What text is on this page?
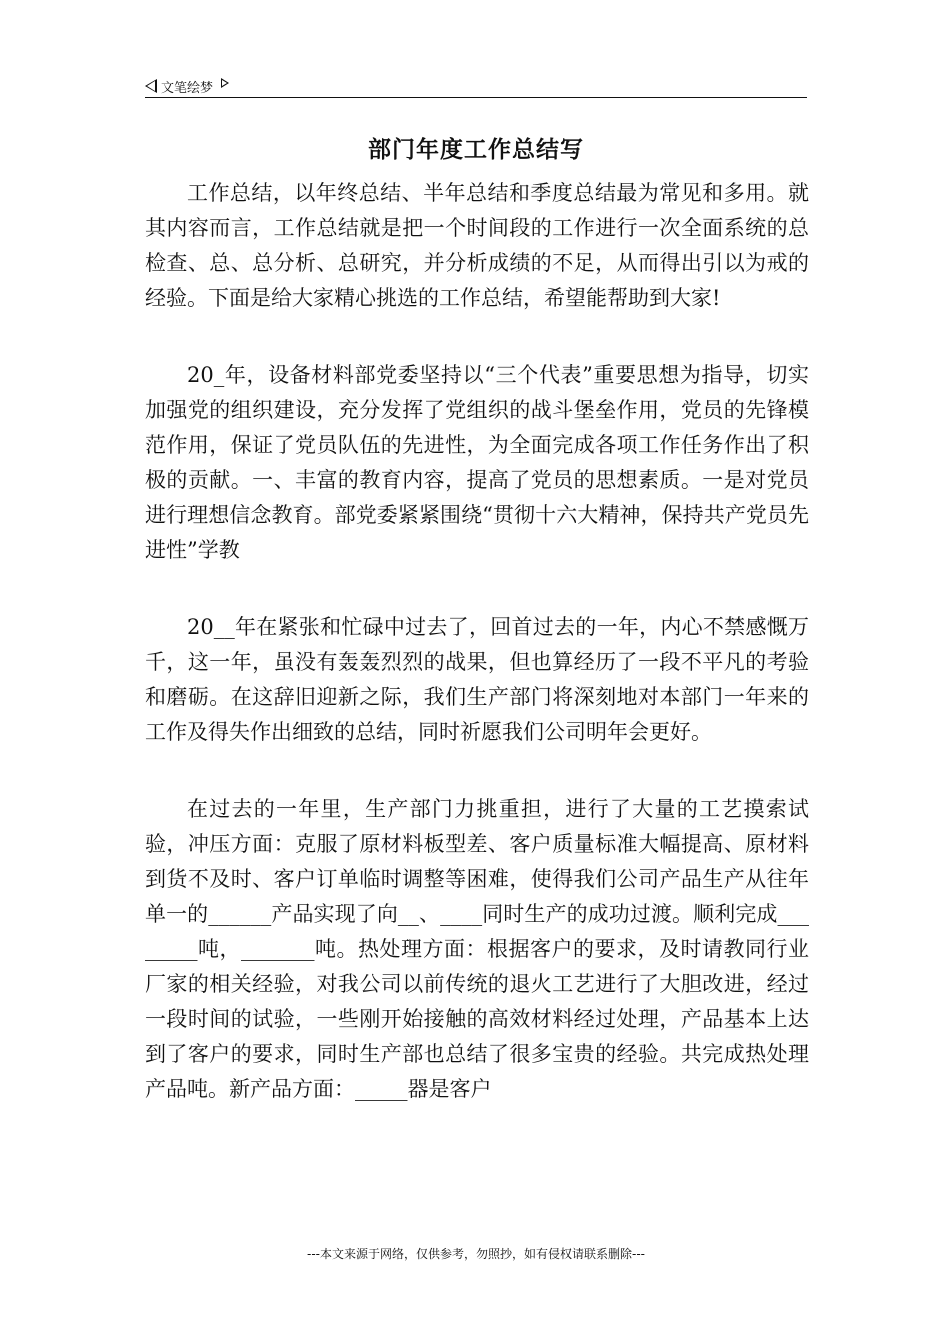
文笔绘梦
部门年度工作总结写

工作总结，以年终总结、半年总结和季度总结最为常见和多用。就其内容而言，工作总结就是把一个时间段的工作进行一次全面系统的总检查、总、总分析、总研究，并分析成绩的不足，从而得出引以为戒的经验。下面是给大家精心挑选的工作总结，希望能帮助到大家!

20_年，设备材料部党委坚持以“三个代表”重要思想为指导，切实加强党的组织建设，充分发挥了党组织的战斗堡垒作用，党员的先锋模范作用，保证了党员队伍的先进性，为全面完成各项工作任务作出了积极的贡献。一、丰富的教育内容，提高了党员的思想素质。一是对党员进行理想信念教育。部党委紧紧围绕“贯彻十六大精神，保持共产党员先进性”学教

20__年在紧张和忙碌中过去了，回首过去的一年，内心不禁感慨万千，这一年，虽没有轰轰烈烈的战果，但也算经历了一段不平凡的考验和磨砺。在这辞旧迎新之际，我们生产部门将深刻地对本部门一年来的工作及得失作出细致的总结，同时祈愿我们公司明年会更好。

在过去的一年里，生产部门力挑重担，进行了大量的工艺摸索试验，冲压方面：克服了原材料板型差、客户质量标准大幅提高、原材料到货不及时、客户订单临时调整等困难，使得我们公司产品生产从往年单一的______产品实现了向__、____同时生产的成功过渡。顺利完成________吨，_______吨。热处理方面：根据客户的要求，及时请教同行业厂家的相关经验，对我公司以前传统的退火工艺进行了大胆改进，经过一段时间的试验，一些刚开始接触的高效材料经过处理，产品基本上达到了客户的要求，同时生产部也总结了很多宝贵的经验。共完成热处理产品吨。新产品方面：_____器是客户

---本文来源于网络，仅供参考，勿照抄，如有侵权请联系删除---
